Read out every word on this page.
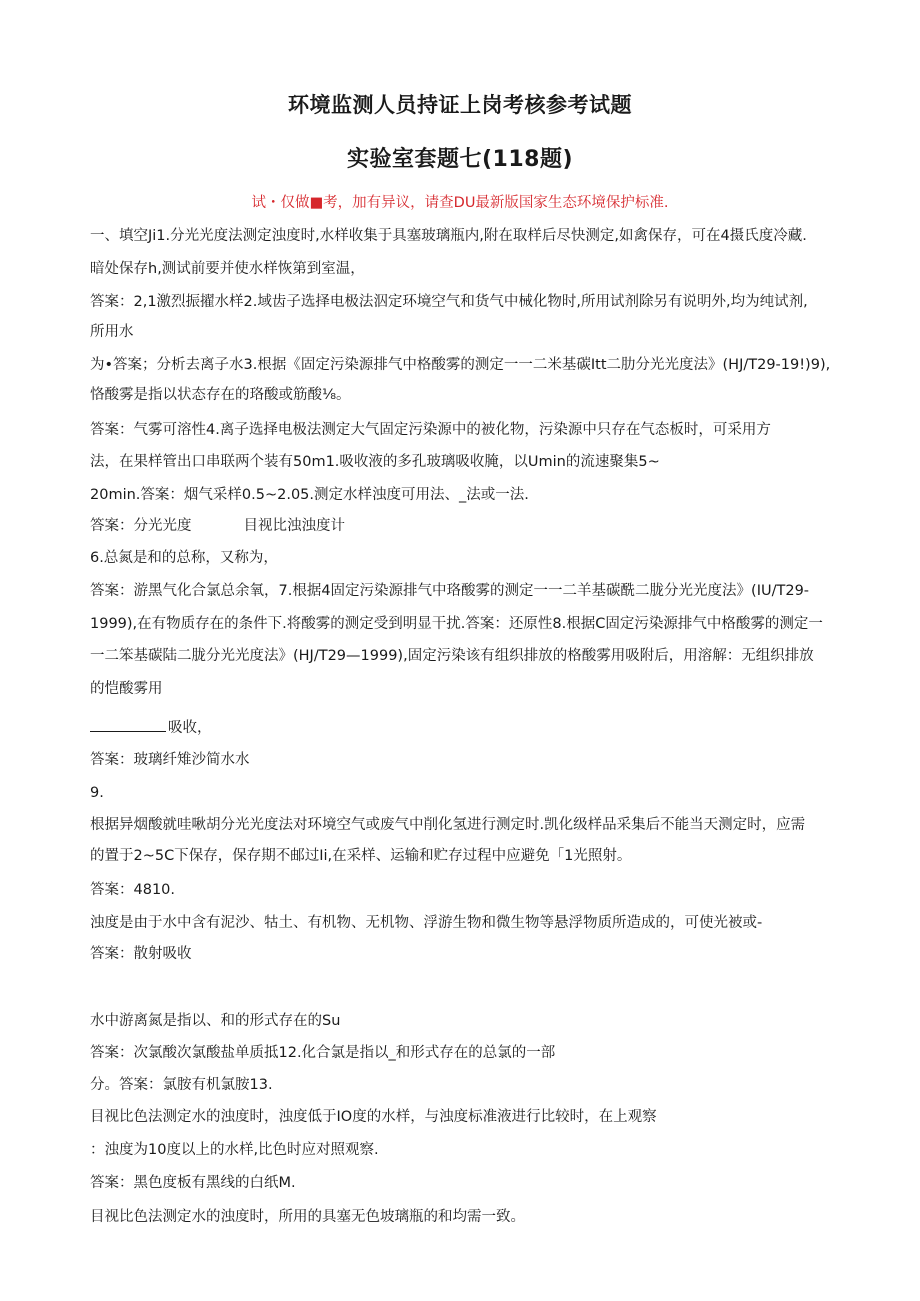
环境监测人员持证上岗考核参考试题
实验室套题七(118题)
试・仅做■考，加有异议，请查DU最新版国家生态环境保护标准.
一、填空Ji1.分光光度法测定浊度时,水样收集于具塞玻璃瓶内,附在取样后尽快测定,如禽保存，可在4摄氏度冷藏.
暗处保存h,测试前要并使水样恢第到室温，
答案：2,1激烈振擢水样2.域齿子选择电极法泅定环境空气和货气中械化物时,所用试剂除另有说明外,均为纯试剂,
所用水
为•答案；分析去离子水3.根据《固定污染源排气中格酸雾的测定一一二米基碳Itt二肋分光光度法》(HJ/T29-19!)9),
恪酸雾是指以状态存在的珞酸或筋酸⅛。
答案：气雾可溶性4.离子选择电极法测定大气固定污染源中的被化物，污染源中只存在气态板时，可采用方
法，在果样管出口串联两个装有50m1.吸收液的多孔玻璃吸收腌，以Umin的流速聚集5~
20min.答案：烟气采样0.5~2.05.测定水样浊度可用法、_法或一法.
答案：分光光度	目视比浊浊度计
6.总氮是和的总称，又称为，
答案：游黑气化合氯总余氧，7.根据4固定污染源排气中珞酸雾的测定一一二羊基碳酰二胧分光光度法》(IU/T29-
1999),在有物质存在的条件下.将酸雾的测定受到明显干扰.答案：还原性8.根据C固定污染源排气中格酸雾的测定一
一二笨基碳陆二胧分光光度法》(HJ/T29—1999),固定污染该有组织排放的格酸雾用吸附后，用溶解：无组织排放
的恺酸雾用
吸收，
答案：玻璃纤雉沙简水水
9.
根据异烟酸就哇啾胡分光光度法对环境空气或废气中削化氢进行测定时.凯化级样品采集后不能当天测定时，应需
的置于2~5C下保存，保存期不邮过Ii,在采样、运输和贮存过程中应避免「1光照射。
答案：4810.
浊度是由于水中含有泥沙、牯土、有机物、无机物、浮游生物和微生物等悬浮物质所造成的，可使光被或-
答案：散射吸收
水中游离氮是指以、和的形式存在的Su
答案：次氯酸次氯酸盐单质抵12.化合氯是指以_和形式存在的总氯的一部
分。答案：氯胺有机氯胺13.
目视比色法测定水的浊度时，浊度低于IO度的水样，与浊度标准液进行比较时，在上观察
：浊度为10度以上的水样,比色时应对照观察.
答案：黑色度板有黑线的白纸M.
目视比色法测定水的浊度时，所用的具塞无色坡璃瓶的和均需一致。
